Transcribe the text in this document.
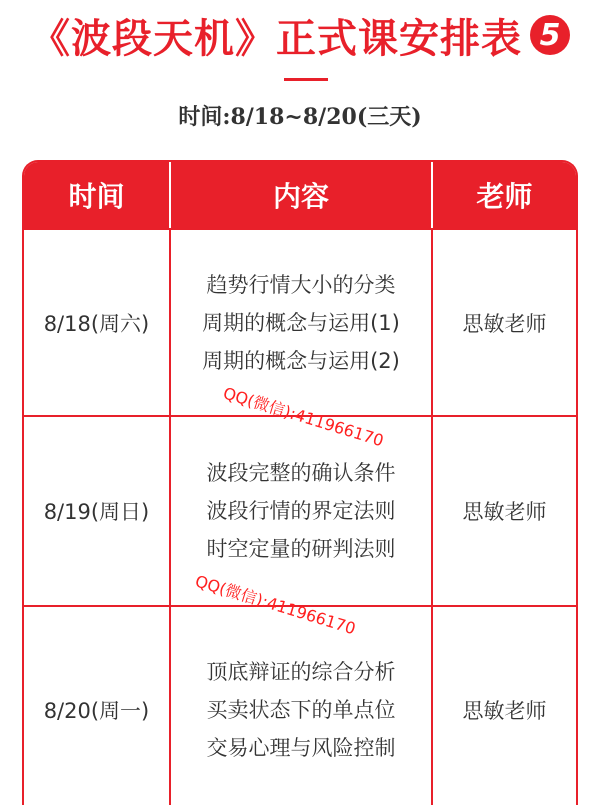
《波段天机》正式课安排表 5
时间:8/18~8/20(三天)
时间	内容	老师
8/18(周六)
趋势行情大小的分类
周期的概念与运用(1)
周期的概念与运用(2)
思敏老师
8/19(周日)
波段完整的确认条件
波段行情的界定法则
时空定量的研判法则
思敏老师
8/20(周一)
顶底辩证的综合分析
买卖状态下的单点位
交易心理与风险控制
思敏老师
QQ(微信):411966170
QQ(微信):411966170
